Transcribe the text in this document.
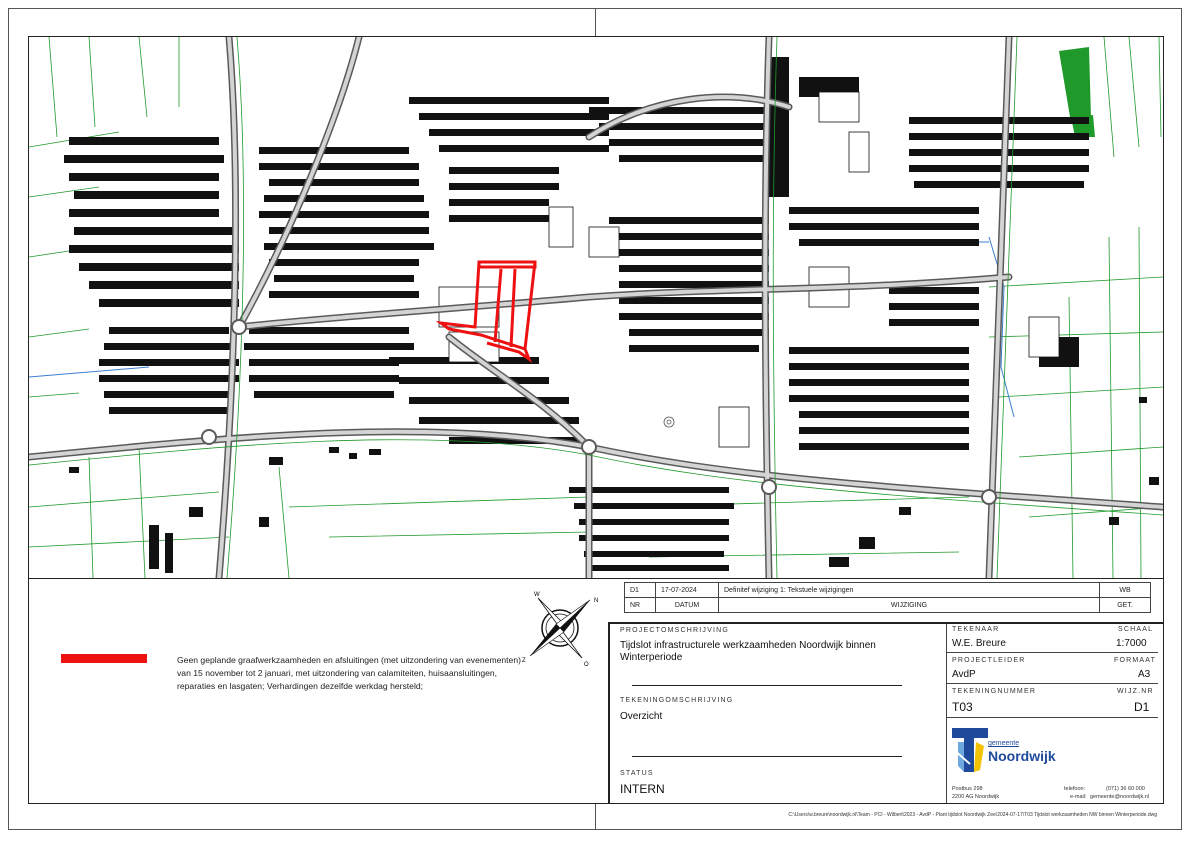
Geen geplande graafwerkzaamheden en afsluitingen (met uitzondering van evenementen) van 15 november tot 2 januari, met uitzondering van calamiteiten, huisaansluitingen, reparaties en lasgaten; Verhardingen dezelfde werkdag hersteld;
N
O
Z
W
D1	17-07-2024	Definitef wijziging 1: Tekstuele wijzigingen	WB
NR	DATUM	WIJZIGING	GET.
PROJECTOMSCHRIJVING
Tijdslot infrastructurele werkzaamheden Noordwijk binnen Winterperiode
TEKENINGOMSCHRIJVING
Overzicht
STATUS
INTERN
TEKENAAR	SCHAAL
W.E. Breure	1:7000
PROJECTLEIDER	FORMAAT
AvdP	A3
TEKENINGNUMMER	WIJZ.NR
T03	D1
gemeente
Noordwijk
Postbus 298
2200 AG Noordwijk
telefoon:	(071) 36 60 000
e-mail: gemeente@noordwijk.nl
C:\Users\w.breure\noordwijk.nl\Team - PCI - Wilbert\2023 - AvdP - Plant tijdslot Noordwijk Zee\2024-07-17\T03 Tijdslot werkzaamheden NW binnen Winterperiode.dwg
